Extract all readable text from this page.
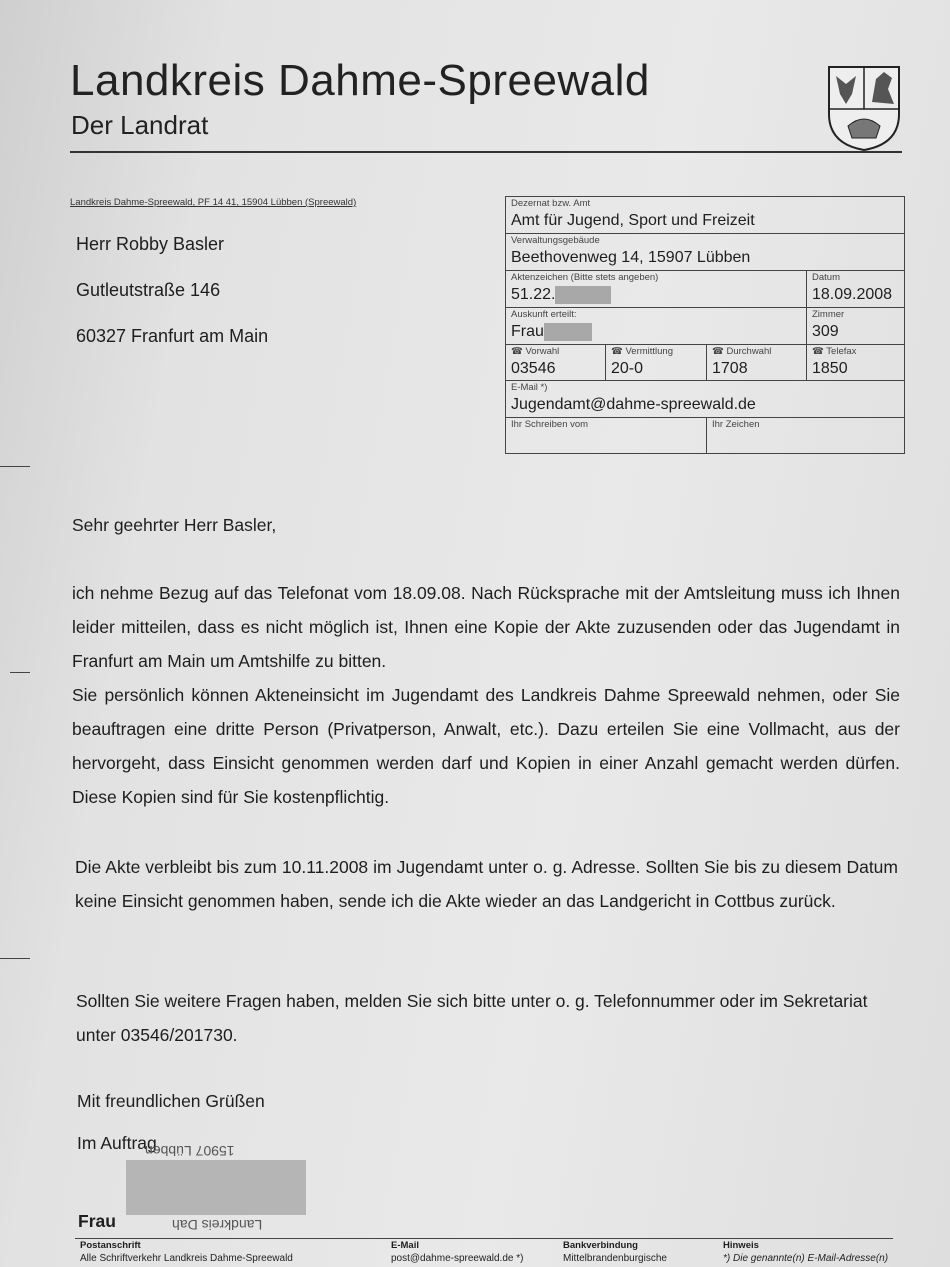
Landkreis Dahme-Spreewald
Der Landrat
Landkreis Dahme-Spreewald, PF 14 41, 15904 Lübben (Spreewald)
Herr Robby Basler
Gutleutstraße 146
60327 Franfurt am Main
Dezernat bzw. Amt
Amt für Jugend, Sport und Freizeit
Verwaltungsgebäude
Beethovenweg 14, 15907 Lübben
Aktenzeichen (Bitte stets angeben)
51.22.
Datum
18.09.2008
Auskunft erteilt:
Frau
Zimmer
309
☎ Vorwahl
03546
☎ Vermittlung
20-0
☎ Durchwahl
1708
☎ Telefax
1850
E-Mail *)
Jugendamt@dahme-spreewald.de
Ihr Schreiben vom	Ihr Zeichen
Sehr geehrter Herr Basler,
ich nehme Bezug auf das Telefonat vom 18.09.08. Nach Rücksprache mit der Amtsleitung muss ich Ihnen leider mitteilen, dass es nicht möglich ist, Ihnen eine Kopie der Akte zuzusenden oder das Jugendamt in Franfurt am Main um Amtshilfe zu bitten.
Sie persönlich können Akteneinsicht im Jugendamt des Landkreis Dahme Spreewald nehmen, oder Sie beauftragen eine dritte Person (Privatperson, Anwalt, etc.). Dazu erteilen Sie eine Vollmacht, aus der hervorgeht, dass Einsicht genommen werden darf und Kopien in einer Anzahl gemacht werden dürfen. Diese Kopien sind für Sie kostenpflichtig.
Die Akte verbleibt bis zum 10.11.2008 im Jugendamt unter o. g. Adresse. Sollten Sie bis zu diesem Datum keine Einsicht genommen haben, sende ich die Akte wieder an das Landgericht in Cottbus zurück.
Sollten Sie weitere Fragen haben, melden Sie sich bitte unter o. g. Telefonnummer oder im Sekretariat unter 03546/201730.
Mit freundlichen Grüßen
Im Auftrag
15907 Lübben
Landkreis Dah
Frau
Postanschrift
Alle Schriftverkehr Landkreis Dahme-Spreewald
E-Mail
post@dahme-spreewald.de *)
Bankverbindung
Mittelbrandenburgische
Hinweis
*) Die genannte(n) E-Mail-Adresse(n)
